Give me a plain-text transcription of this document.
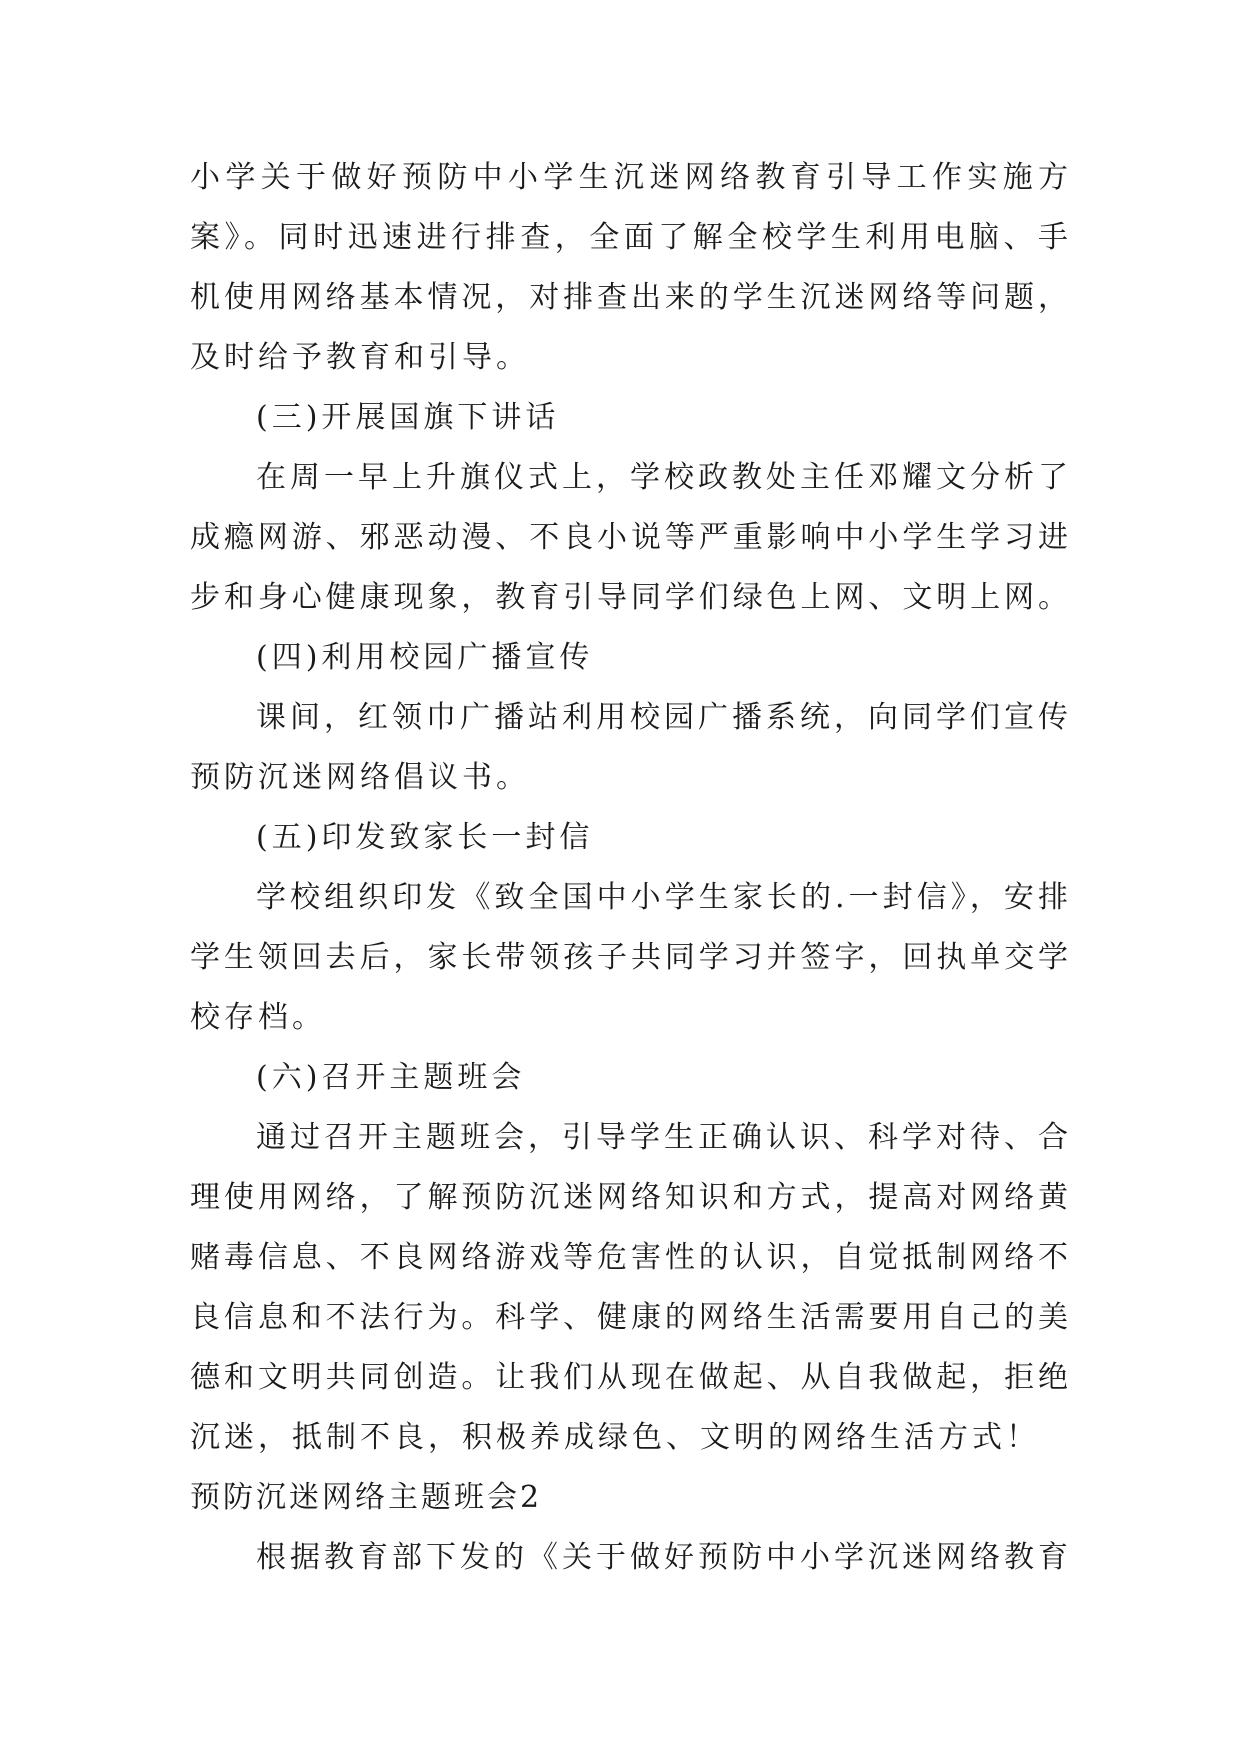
小学关于做好预防中小学生沉迷网络教育引导工作实施方
案》。同时迅速进行排查，全面了解全校学生利用电脑、手
机使用网络基本情况，对排查出来的学生沉迷网络等问题，
及时给予教育和引导。
(三)开展国旗下讲话
在周一早上升旗仪式上，学校政教处主任邓耀文分析了
成瘾网游、邪恶动漫、不良小说等严重影响中小学生学习进
步和身心健康现象，教育引导同学们绿色上网、文明上网。
(四)利用校园广播宣传
课间，红领巾广播站利用校园广播系统，向同学们宣传
预防沉迷网络倡议书。
(五)印发致家长一封信
学校组织印发《致全国中小学生家长的.一封信》，安排
学生领回去后，家长带领孩子共同学习并签字，回执单交学
校存档。
(六)召开主题班会
通过召开主题班会，引导学生正确认识、科学对待、合
理使用网络，了解预防沉迷网络知识和方式，提高对网络黄
赌毒信息、不良网络游戏等危害性的认识，自觉抵制网络不
良信息和不法行为。科学、健康的网络生活需要用自己的美
德和文明共同创造。让我们从现在做起、从自我做起，拒绝
沉迷，抵制不良，积极养成绿色、文明的网络生活方式！
预防沉迷网络主题班会2
根据教育部下发的《关于做好预防中小学沉迷网络教育
